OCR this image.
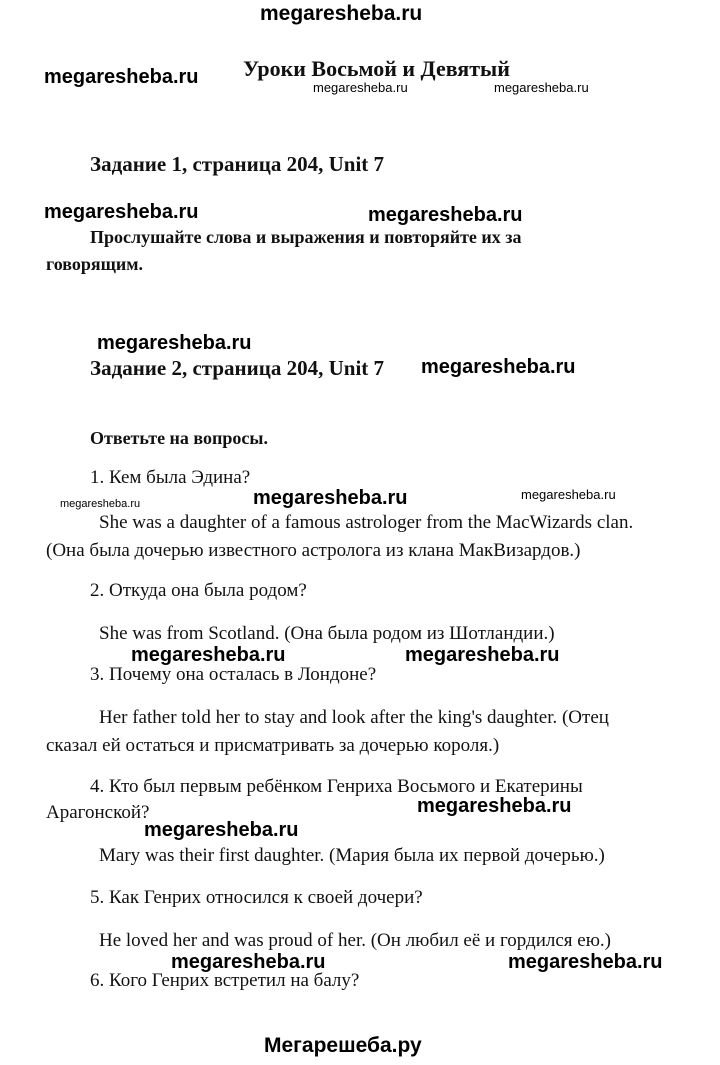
megaresheba.ru
megaresheba.ru	megaresheba.ru	megaresheba.ru
megaresheba.ru	megaresheba.ru
megaresheba.ru
megaresheba.ru
megaresheba.ru	megaresheba.ru	megaresheba.ru
megaresheba.ru	megaresheba.ru
megaresheba.ru
megaresheba.ru
megaresheba.ru	megaresheba.ru
Мегарешеба.ру
Уроки Восьмой и Девятый
Задание 1, страница 204, Unit 7
Прослушайте слова и выражения и повторяйте их за
говорящим.
Задание 2, страница 204, Unit 7
Ответьте на вопросы.
1. Кем была Эдина?
She was a daughter of a famous astrologer from the MacWizards clan.
(Она была дочерью известного астролога из клана МакВизардов.)
2. Откуда она была родом?
She was from Scotland. (Она была родом из Шотландии.)
3. Почему она осталась в Лондоне?
Her father told her to stay and look after the king's daughter. (Отец
сказал ей остаться и присматривать за дочерью короля.)
4. Кто был первым ребёнком Генриха Восьмого и Екатерины
Арагонской?
Mary was their first daughter. (Мария была их первой дочерью.)
5. Как Генрих относился к своей дочери?
He loved her and was proud of her. (Он любил её и гордился ею.)
6. Кого Генрих встретил на балу?
